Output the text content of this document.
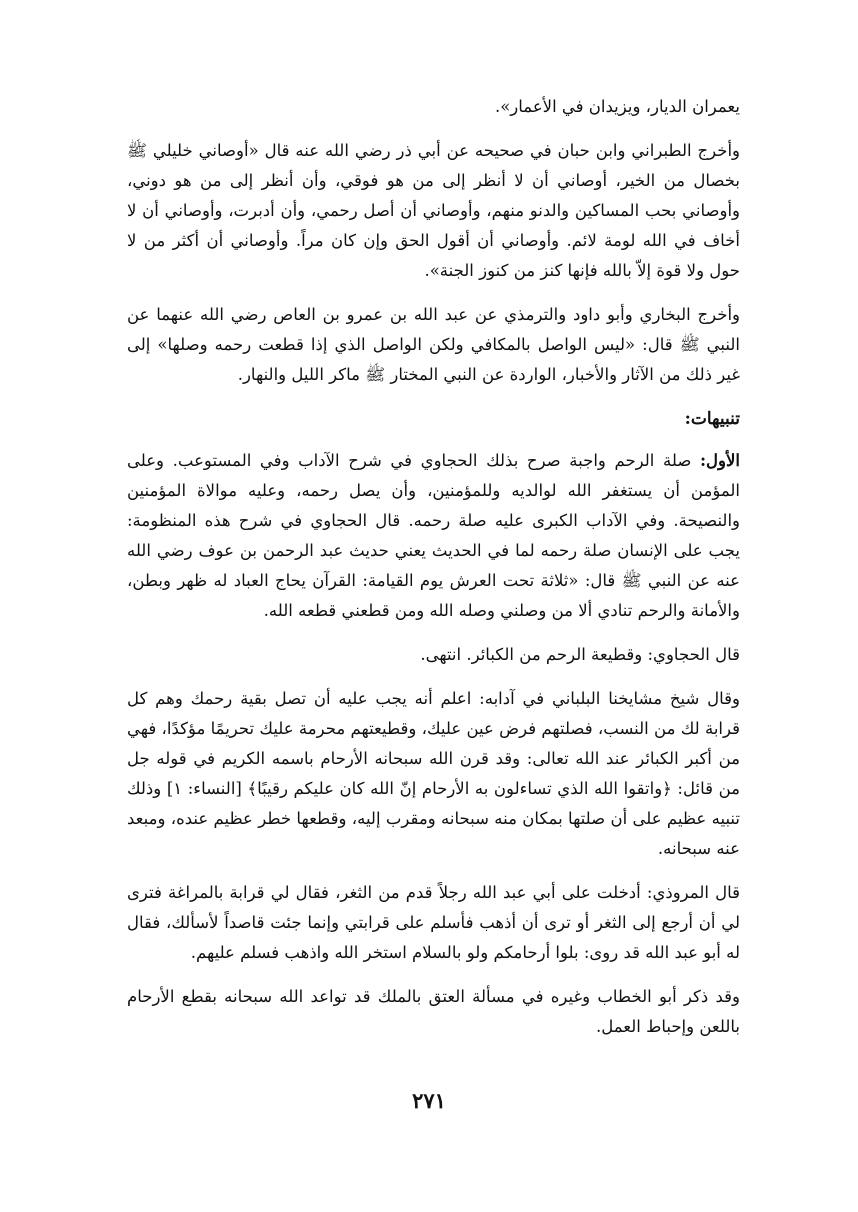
يعمران الديار، ويزيدان في الأعمار».

وأخرج الطبراني وابن حبان في صحيحه عن أبي ذر رضي الله عنه قال «أوصاني خليلي ﷺ بخصال من الخير، أوصاني أن لا أنظر إلى من هو فوقي، وأن أنظر إلى من هو دوني، وأوصاني بحب المساكين والدنو منهم، وأوصاني أن أصل رحمي، وأن أدبرت، وأوصاني أن لا أخاف في الله لومة لائم. وأوصاني أن أقول الحق وإن كان مراً. وأوصاني أن أكثر من لا حول ولا قوة إلاّ بالله فإنها كنز من كنوز الجنة».

وأخرج البخاري وأبو داود والترمذي عن عبد الله بن عمرو بن العاص رضي الله عنهما عن النبي ﷺ قال: «ليس الواصل بالمكافي ولكن الواصل الذي إذا قطعت رحمه وصلها» إلى غير ذلك من الآثار والأخبار، الواردة عن النبي المختار ﷺ ماكر الليل والنهار.

تنبيهات:

الأول: صلة الرحم واجبة صرح بذلك الحجاوي في شرح الآداب وفي المستوعب. وعلى المؤمن أن يستغفر الله لوالديه وللمؤمنين، وأن يصل رحمه، وعليه موالاة المؤمنين والنصيحة. وفي الآداب الكبرى عليه صلة رحمه. قال الحجاوي في شرح هذه المنظومة: يجب على الإنسان صلة رحمه لما في الحديث يعني حديث عبد الرحمن بن عوف رضي الله عنه عن النبي ﷺ قال: «ثلاثة تحت العرش يوم القيامة: القرآن يحاج العباد له ظهر وبطن، والأمانة والرحم تنادي ألا من وصلني وصله الله ومن قطعني قطعه الله.

قال الحجاوي: وقطيعة الرحم من الكبائر. انتهى.

وقال شيخ مشايخنا البلباني في آدابه: اعلم أنه يجب عليه أن تصل بقية رحمك وهم كل قرابة لك من النسب، فصلتهم فرض عين عليك، وقطيعتهم محرمة عليك تحريمًا مؤكدًا، فهي من أكبر الكبائر عند الله تعالى: وقد قرن الله سبحانه الأرحام باسمه الكريم في قوله جل من قائل: ﴿واتقوا الله الذي تساءلون به الأرحام إنّ الله كان عليكم رقيبًا﴾ [النساء: ١] وذلك تنبيه عظيم على أن صلتها بمكان منه سبحانه ومقرب إليه، وقطعها خطر عظيم عنده، ومبعد عنه سبحانه.

قال المروذي: أدخلت على أبي عبد الله رجلاً قدم من الثغر، فقال لي قرابة بالمراغة فترى لي أن أرجع إلى الثغر أو ترى أن أذهب فأسلم على قرابتي وإنما جئت قاصداً لأسألك، فقال له أبو عبد الله قد روى: بلوا أرحامكم ولو بالسلام استخر الله واذهب فسلم عليهم.

وقد ذكر أبو الخطاب وغيره في مسألة العتق بالملك قد تواعد الله سبحانه بقطع الأرحام باللعن وإحباط العمل.

٢٧١
